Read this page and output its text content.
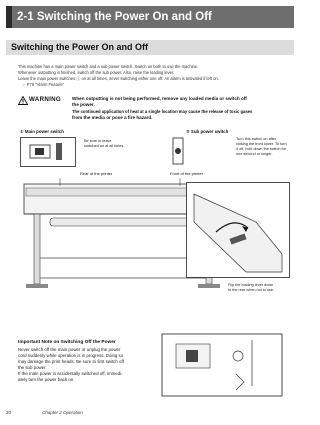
2-1 Switching the Power On and Off
Switching the Power On and Off
This machine has a main power switch and a sub power switch. Switch on both to use the machine.
Whenever outputting is finished, switch off the sub power. Also, raise the loading lever.
Leave the main power switches ⓘ on at all times, never switching either one off. An alarm is activated if left on.
☞ P76 "Alarm Feature"
WARNING When outputting is not being performed, remove any loaded media or switch off
the power.
The continued application of heat at a single location may cause the release of toxic gases
from the media or pose a fire hazard.
① Main power switch	② Sub power switch
Be sure to leave
switched on at all times.
Turn this switch on after
closing the front cover. To turn
it off, hold down the switch for
one second or longer.
Rear of the printer	Front of the printer
Flip the loading lever down
to the rear when not in use.
Important Note on Switching Off the Power
Never switch off the main power or unplug the power
cord suddenly while operation is in progress. Doing so
may damage the print heads. Be sure to first switch off
the sub power.
If the main power is accidentally switched off, immedi-
ately turn the power back on.
20	Chapter 2 Operation
